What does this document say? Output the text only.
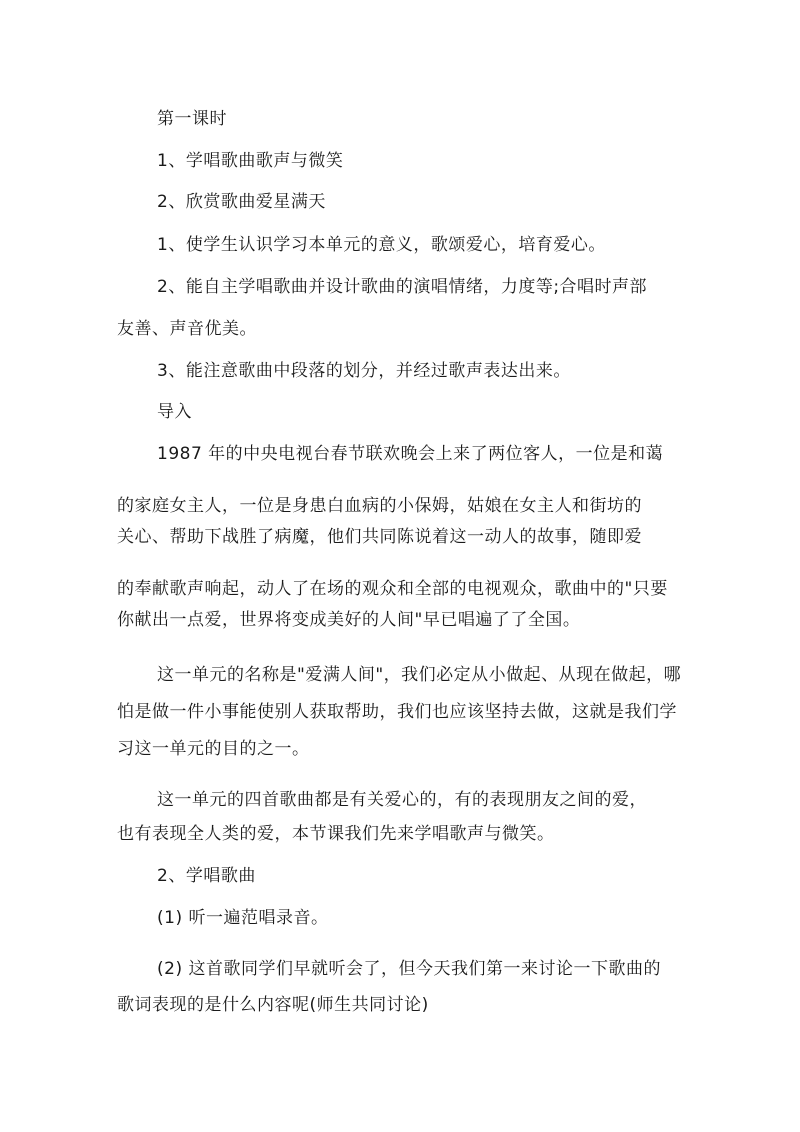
第一课时
1、学唱歌曲歌声与微笑
2、欣赏歌曲爱星满天
1、使学生认识学习本单元的意义，歌颂爱心，培育爱心。
2、能自主学唱歌曲并设计歌曲的演唱情绪，力度等;合唱时声部
友善、声音优美。
3、能注意歌曲中段落的划分，并经过歌声表达出来。
导入
1987 年的中央电视台春节联欢晚会上来了两位客人，一位是和蔼
的家庭女主人，一位是身患白血病的小保姆，姑娘在女主人和街坊的
关心、帮助下战胜了病魔，他们共同陈说着这一动人的故事，随即爱
的奉献歌声响起，动人了在场的观众和全部的电视观众，歌曲中的"只要
你献出一点爱，世界将变成美好的人间"早已唱遍了了全国。
这一单元的名称是"爱满人间"，我们必定从小做起、从现在做起，哪
怕是做一件小事能使别人获取帮助，我们也应该坚持去做，这就是我们学
习这一单元的目的之一。
这一单元的四首歌曲都是有关爱心的，有的表现朋友之间的爱，
也有表现全人类的爱，本节课我们先来学唱歌声与微笑。
2、学唱歌曲
(1) 听一遍范唱录音。
(2) 这首歌同学们早就听会了，但今天我们第一来讨论一下歌曲的
歌词表现的是什么内容呢(师生共同讨论)
